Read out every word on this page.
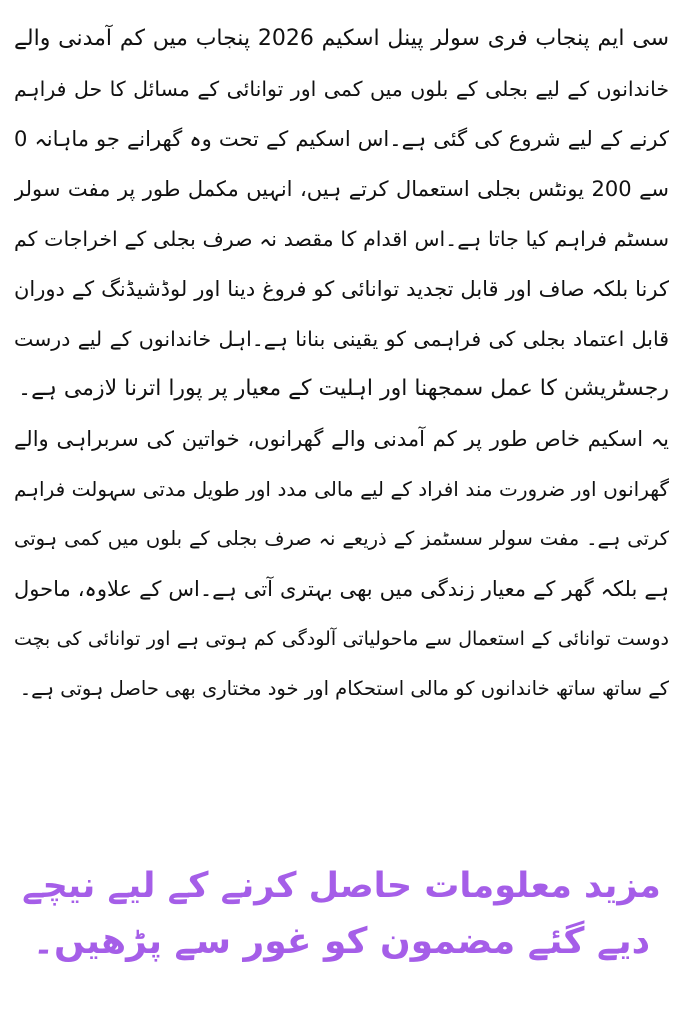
سی ایم پنجاب فری سولر پینل اسکیم 2026 پنجاب میں کم آمدنی والے
خاندانوں کے لیے بجلی کے بلوں میں کمی اور توانائی کے مسائل کا حل فراہم
کرنے کے لیے شروع کی گئی ہے۔اس اسکیم کے تحت وہ گھرانے جو ماہانہ 0
سے 200 یونٹس بجلی استعمال کرتے ہیں، انہیں مکمل طور پر مفت سولر
سسٹم فراہم کیا جاتا ہے۔اس اقدام کا مقصد نہ صرف بجلی کے اخراجات کم
کرنا بلکہ صاف اور قابل تجدید توانائی کو فروغ دینا اور لوڈشیڈنگ کے دوران
قابل اعتماد بجلی کی فراہمی کو یقینی بنانا ہے۔اہل خاندانوں کے لیے درست
رجسٹریشن کا عمل سمجھنا اور اہلیت کے معیار پر پورا اترنا لازمی ہے۔
یہ اسکیم خاص طور پر کم آمدنی والے گھرانوں، خواتین کی سربراہی والے
گھرانوں اور ضرورت مند افراد کے لیے مالی مدد اور طویل مدتی سہولت فراہم
کرتی ہے۔ مفت سولر سسٹمز کے ذریعے نہ صرف بجلی کے بلوں میں کمی ہوتی
ہے بلکہ گھر کے معیار زندگی میں بھی بہتری آتی ہے۔اس کے علاوہ، ماحول
دوست توانائی کے استعمال سے ماحولیاتی آلودگی کم ہوتی ہے اور توانائی کی بچت
کے ساتھ ساتھ خاندانوں کو مالی استحکام اور خود مختاری بھی حاصل ہوتی ہے۔
مزید معلومات حاصل کرنے کے لیے نیچے
دیے گئے مضمون کو غور سے پڑھیں۔
